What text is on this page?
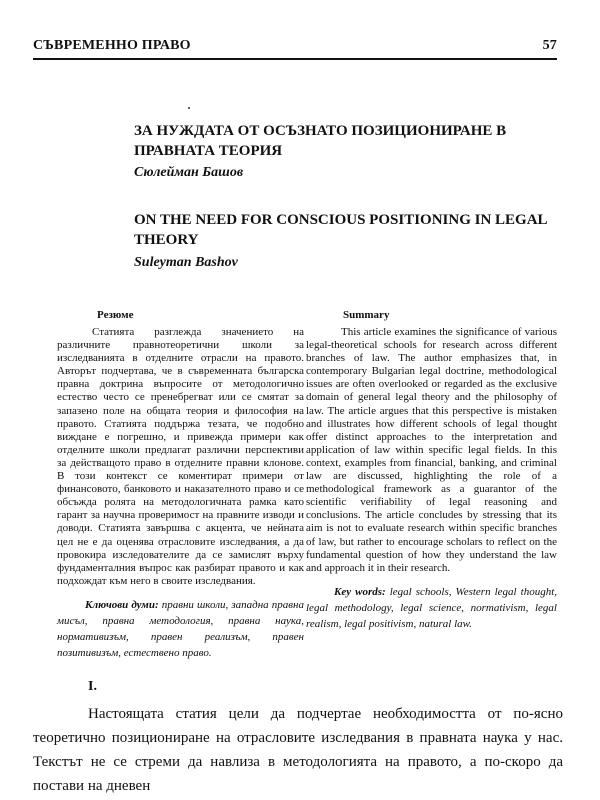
СЪВРЕМЕННО ПРАВО	57
ЗА НУЖДАТА ОТ ОСЪЗНАТО ПОЗИЦИОНИРАНЕ В ПРАВНАТА ТЕОРИЯ
Сюлейман Башов
ON THE NEED FOR CONSCIOUS POSITIONING IN LEGAL THEORY
Suleyman Bashov
Резюме

Статията разглежда значението на различните правнотеоретични школи за изследванията в отделните отрасли на правото. Авторът подчертава, че в съвременната българска правна доктрина въпросите от методологично естество често се пренебрегват или се смятат за запазено поле на общата теория и философия на правото. Статията поддържа тезата, че подобно виждане е погрешно, и привежда примери как отделните школи предлагат различни перспективи за действащото право в отделните правни клонове. В този контекст се коментират примери от финансовото, банковото и наказателното право и се обсъжда ролята на методологичната рамка като гарант за научна проверимост на правните изводи и доводи. Статията завършва с акцента, че нейната цел не е да оценява отрасловите изследвания, а да провокира изследователите да се замислят върху фундаменталния въпрос как разбират правото и как подхождат към него в своите изследвания.

Ключови думи: правни школи, западна правна мисъл, правна методология, правна наука, нормативизъм, правен реализъм, правен позитивизъм, естествено право.

Summary

This article examines the significance of various legal-theoretical schools for research across different branches of law. The author emphasizes that, in contemporary Bulgarian legal doctrine, methodological issues are often overlooked or regarded as the exclusive domain of general legal theory and the philosophy of law. The article argues that this perspective is mistaken and illustrates how different schools of legal thought offer distinct approaches to the interpretation and application of law within specific legal fields. In this context, examples from financial, banking, and criminal law are discussed, highlighting the role of a methodological framework as a guarantor of the scientific verifiability of legal reasoning and conclusions. The article concludes by stressing that its aim is not to evaluate research within specific branches of law, but rather to encourage scholars to reflect on the fundamental question of how they understand the law and approach it in their research.

Key words: legal schools, Western legal thought, legal methodology, legal science, normativism, legal realism, legal positivism, natural law.

I.

Настоящата статия цели да подчертае необходимостта от по-ясно теоретично позициониране на отрасловите изследвания в правната наука у нас. Текстът не се стреми да навлиза в методологията на правото, а по-скоро да постави на дневен
